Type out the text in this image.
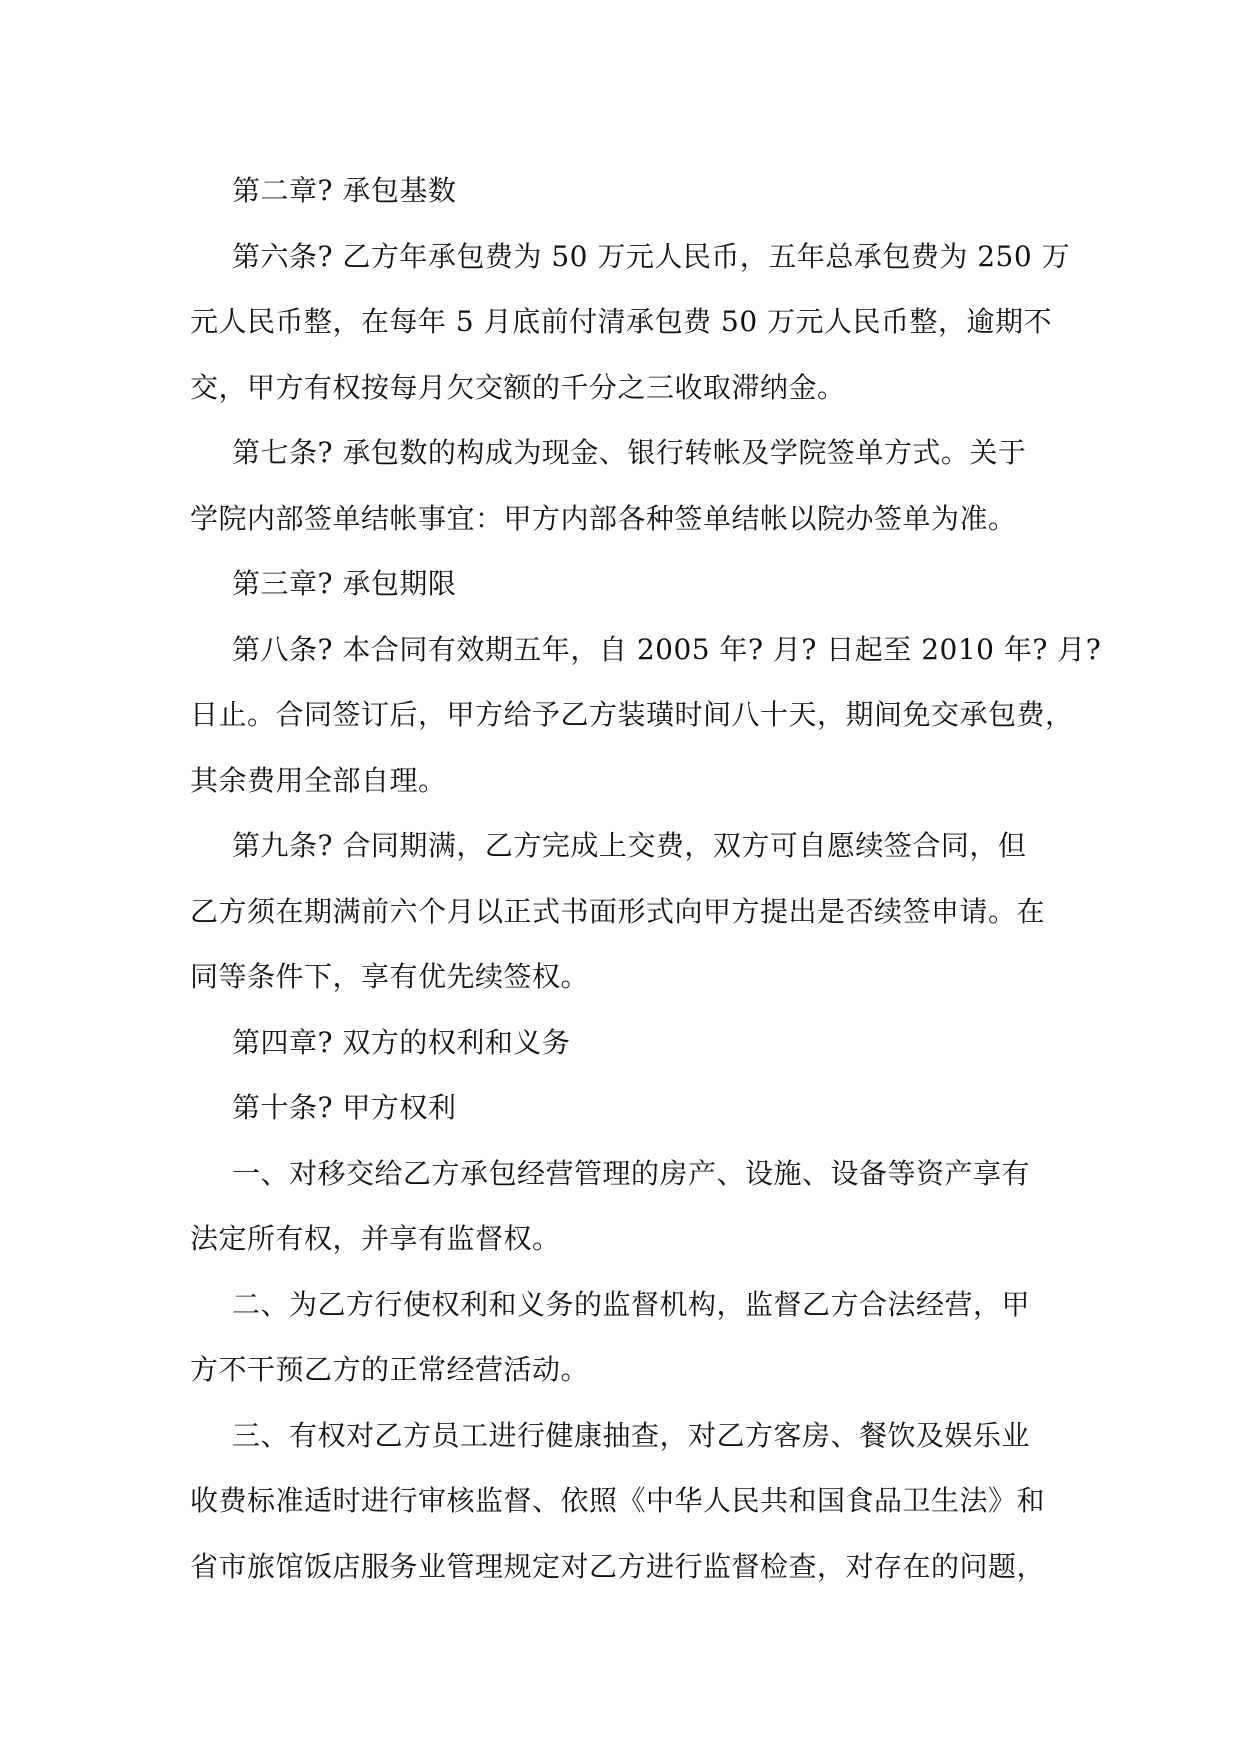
第二章? 承包基数
第六条? 乙方年承包费为 50 万元人民币，五年总承包费为 250 万
元人民币整，在每年 5 月底前付清承包费 50 万元人民币整，逾期不
交，甲方有权按每月欠交额的千分之三收取滞纳金。
第七条? 承包数的构成为现金、银行转帐及学院签单方式。关于
学院内部签单结帐事宜：甲方内部各种签单结帐以院办签单为准。
第三章? 承包期限
第八条? 本合同有效期五年，自 2005 年? 月? 日起至 2010 年? 月?
日止。合同签订后，甲方给予乙方装璜时间八十天，期间免交承包费，
其余费用全部自理。
第九条? 合同期满，乙方完成上交费，双方可自愿续签合同，但
乙方须在期满前六个月以正式书面形式向甲方提出是否续签申请。在
同等条件下，享有优先续签权。
第四章? 双方的权利和义务
第十条? 甲方权利
一、对移交给乙方承包经营管理的房产、设施、设备等资产享有
法定所有权，并享有监督权。
二、为乙方行使权利和义务的监督机构，监督乙方合法经营，甲
方不干预乙方的正常经营活动。
三、有权对乙方员工进行健康抽查，对乙方客房、餐饮及娱乐业
收费标准适时进行审核监督、依照《中华人民共和国食品卫生法》和
省市旅馆饭店服务业管理规定对乙方进行监督检查，对存在的问题，
